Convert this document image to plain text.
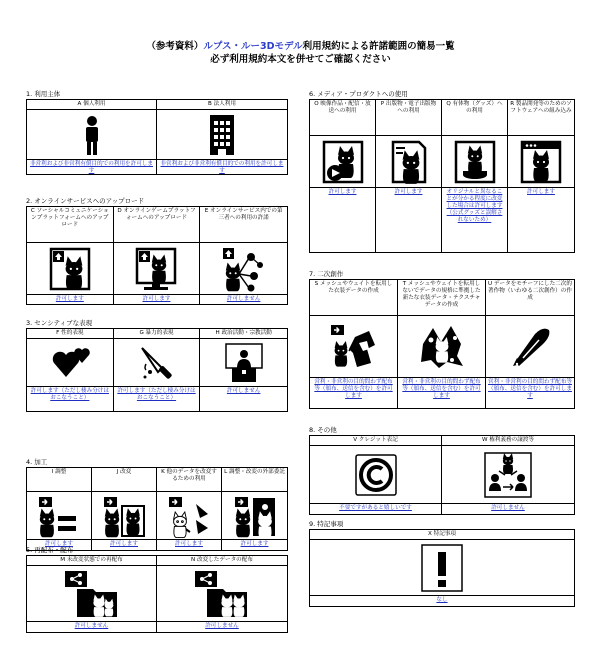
（参考資料）ルプス・ルー3Dモデル利用規約による許諾範囲の簡易一覧
必ず利用規約本文を併せてご確認ください
1. 利用主体
A 個人利用
非営利および非営利有償目的での利用を許可します
B 法人利用
非営利および非営利有償目的での利用を許可します
2. オンラインサービスへのアップロード
C ソーシャルコミュニケーションプラットフォームへのアップロード
許可します
D オンラインゲームプラットフォームへのアップロード
許可します
E オンラインサービス内での第三者への利用の許諾
許可しません
3. センシティブな表現
F 性的表現
許可します（ただし棲み分けはおこなうこと）
G 暴力的表現
許可します（ただし棲み分けはおこなうこと）
H 政治活動・宗教活動
許可しません
4. 加工
I 調整
許可します
J 改変
許可します
K 他のデータを改変するための利用
許可します
L 調整・改変の外部委託
許可します
5. 再配布・配布
M 未改変状態での再配布
許可しません
N 改変したデータの配布
許可しません
6. メディア・プロダクトへの使用
O 映像作品・配信・放送への利用
許可します
P 出版物・電子出版物への利用
許可します
Q 有体物（グッズ）への利用
オリジナルと異なることが分かる程度に改変した場合は許可します（公式グッズと誤解されないため）
R 製品開発等のためのソフトウェアへの組み込み
許可します
7. 二次創作
S メッシュやウェイトを転用した衣装データの作成
営利・非営利の目的問わず配布等（頒布、送信を含む）を許可します
T メッシュやウェイトを転用しないでデータの規格に準拠した新たな衣装データ・テクスチャデータの作成
営利・非営利の目的問わず配布等（頒布、送信を含む）を許可します
U データをモチーフにした二次的著作物（いわゆる二次創作）の作成
営利・非営利の目的問わず配布等（頒布、送信を含む）を許可します
8. その他
V クレジット表記
不要ですがあると嬉しいです
W 権利義務の譲渡等
許可しません
9. 特記事項
X 特記事項
なし
